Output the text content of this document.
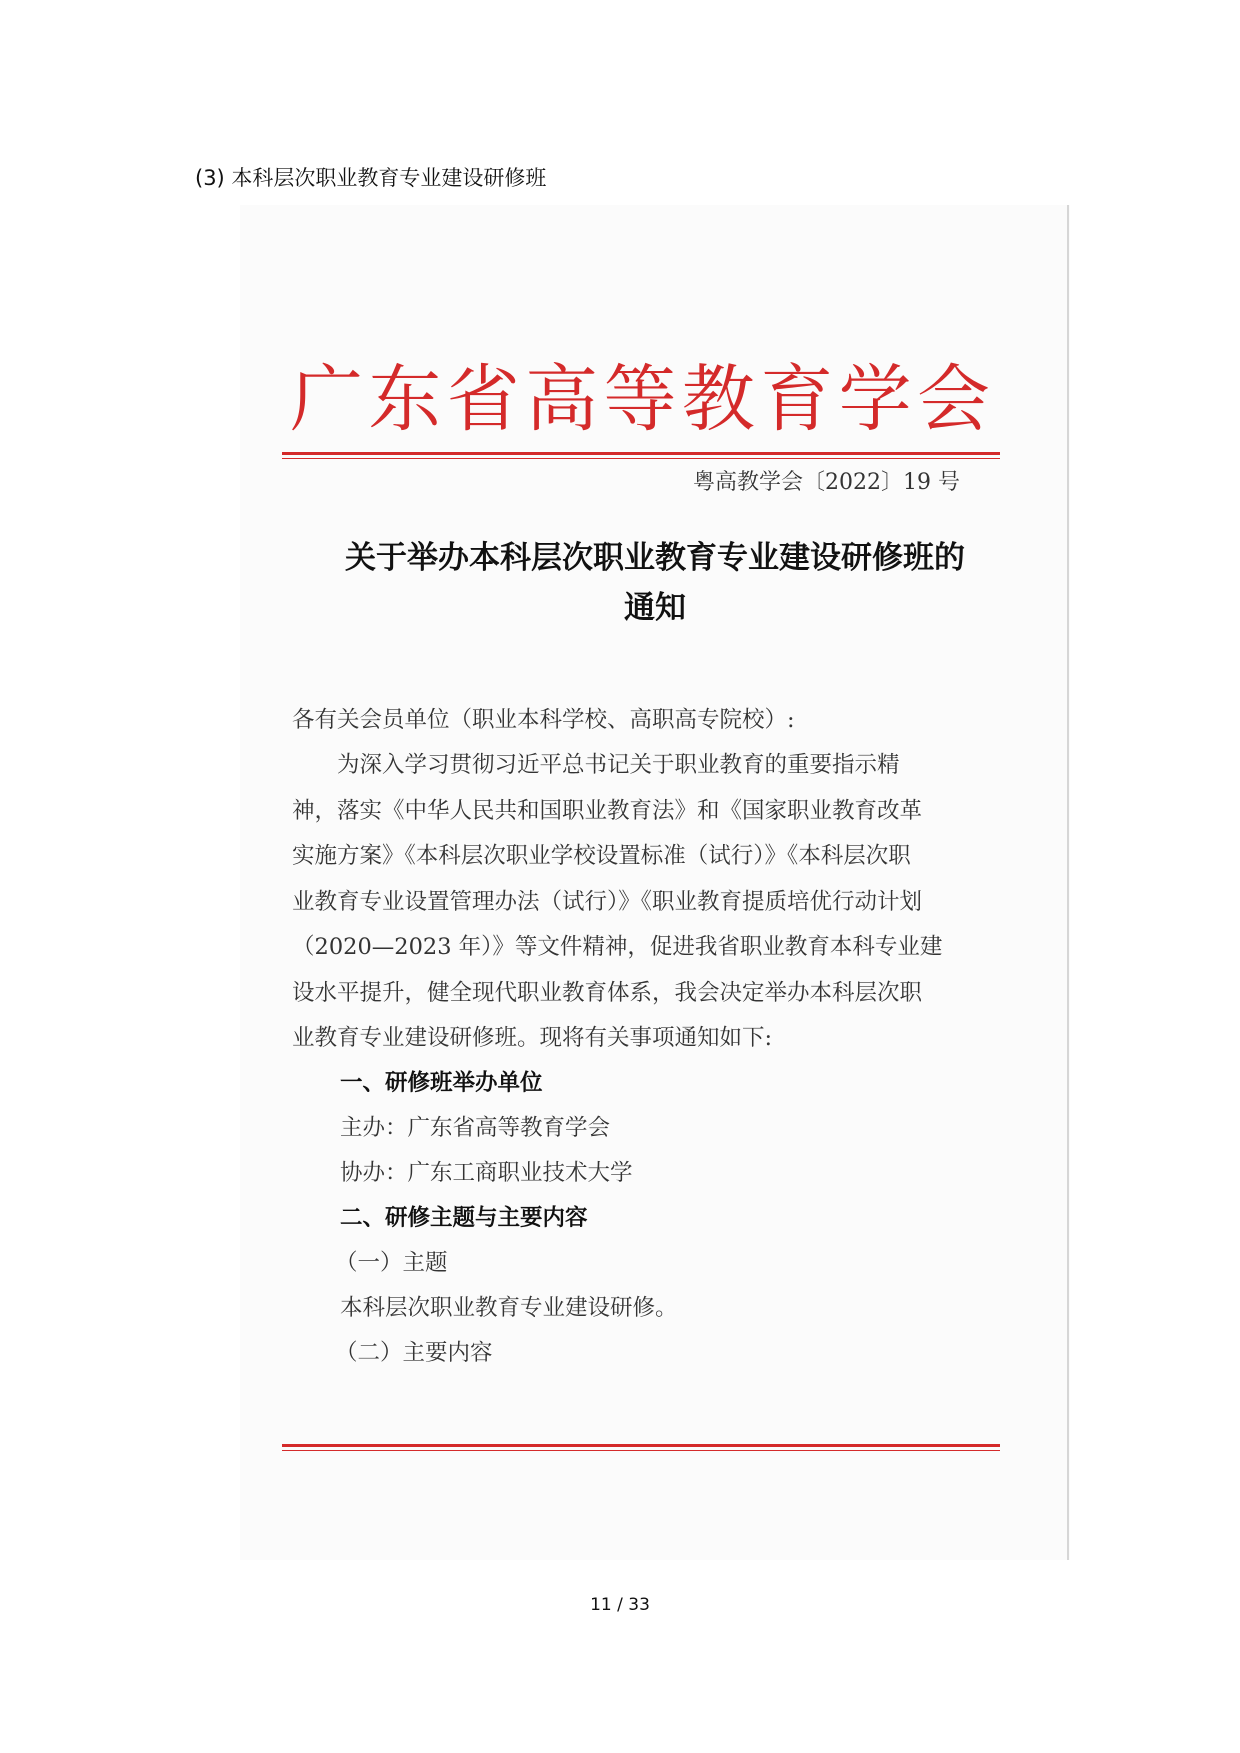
(3) 本科层次职业教育专业建设研修班
广 东 省 高 等 教 育 学 会
粤高教学会〔2022〕19 号
关于举办本科层次职业教育专业建设研修班的
通知
各有关会员单位（职业本科学校、高职高专院校）:
　　为深入学习贯彻习近平总书记关于职业教育的重要指示精
神，落实《中华人民共和国职业教育法》和《国家职业教育改革
实施方案》《本科层次职业学校设置标准（试行）》《本科层次职
业教育专业设置管理办法（试行）》《职业教育提质培优行动计划
（2020—2023 年）》等文件精神，促进我省职业教育本科专业建
设水平提升，健全现代职业教育体系，我会决定举办本科层次职
业教育专业建设研修班。现将有关事项通知如下:
一、研修班举办单位
主办：广东省高等教育学会
协办：广东工商职业技术大学
二、研修主题与主要内容
（一）主题
本科层次职业教育专业建设研修。
（二）主要内容
11 / 33
